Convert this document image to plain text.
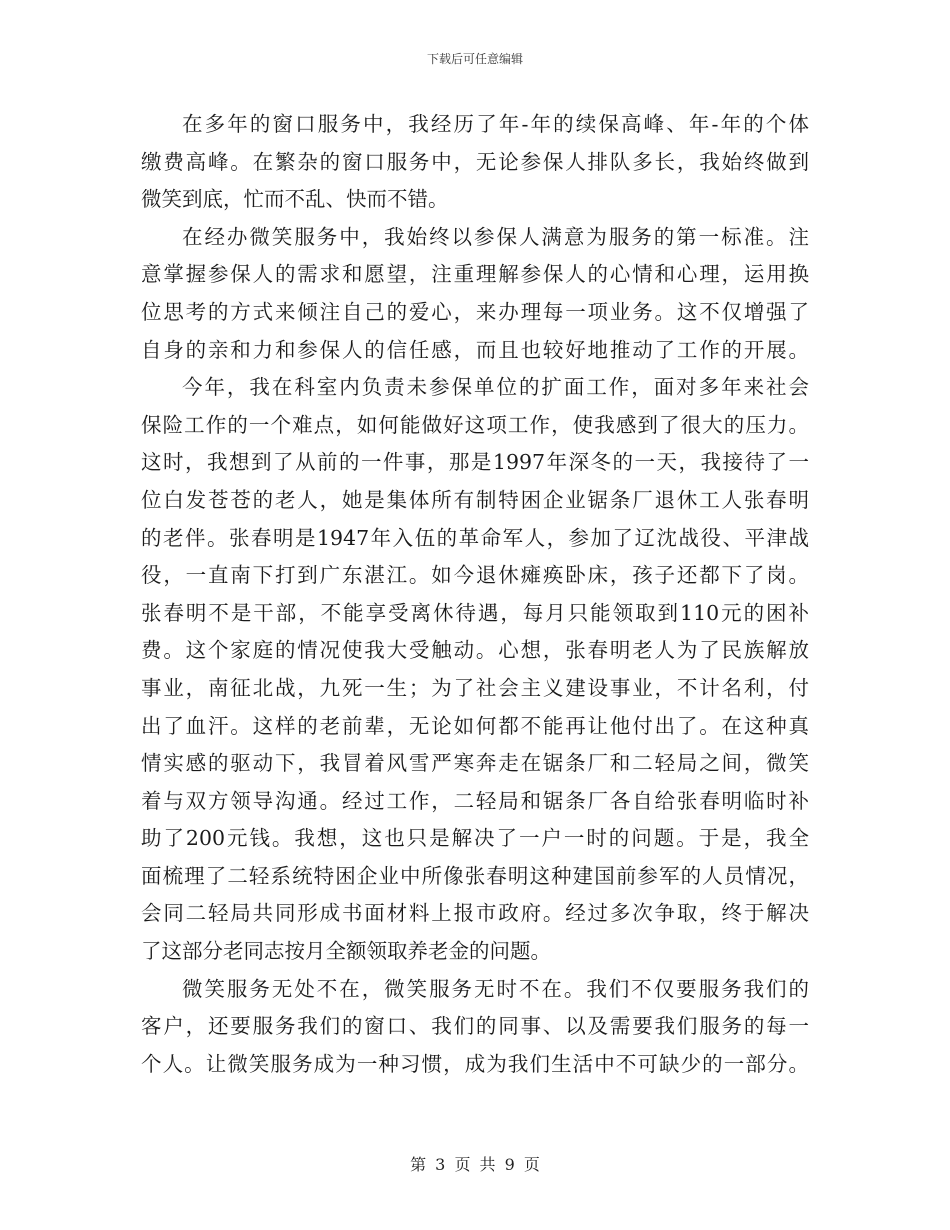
下载后可任意编辑
在多年的窗口服务中，我经历了年-年的续保高峰、年-年的个体
缴费高峰。在繁杂的窗口服务中，无论参保人排队多长，我始终做到
微笑到底，忙而不乱、快而不错。
在经办微笑服务中，我始终以参保人满意为服务的第一标准。注
意掌握参保人的需求和愿望，注重理解参保人的心情和心理，运用换
位思考的方式来倾注自己的爱心，来办理每一项业务。这不仅增强了
自身的亲和力和参保人的信任感，而且也较好地推动了工作的开展。
今年，我在科室内负责未参保单位的扩面工作，面对多年来社会
保险工作的一个难点，如何能做好这项工作，使我感到了很大的压力。
这时，我想到了从前的一件事，那是1997年深冬的一天，我接待了一
位白发苍苍的老人，她是集体所有制特困企业锯条厂退休工人张春明
的老伴。张春明是1947年入伍的革命军人，参加了辽沈战役、平津战
役，一直南下打到广东湛江。如今退休瘫痪卧床，孩子还都下了岗。
张春明不是干部，不能享受离休待遇，每月只能领取到110元的困补
费。这个家庭的情况使我大受触动。心想，张春明老人为了民族解放
事业，南征北战，九死一生；为了社会主义建设事业，不计名利，付
出了血汗。这样的老前辈，无论如何都不能再让他付出了。在这种真
情实感的驱动下，我冒着风雪严寒奔走在锯条厂和二轻局之间，微笑
着与双方领导沟通。经过工作，二轻局和锯条厂各自给张春明临时补
助了200元钱。我想，这也只是解决了一户一时的问题。于是，我全
面梳理了二轻系统特困企业中所像张春明这种建国前参军的人员情况，
会同二轻局共同形成书面材料上报市政府。经过多次争取，终于解决
了这部分老同志按月全额领取养老金的问题。
微笑服务无处不在，微笑服务无时不在。我们不仅要服务我们的
客户，还要服务我们的窗口、我们的同事、以及需要我们服务的每一
个人。让微笑服务成为一种习惯，成为我们生活中不可缺少的一部分。
第 3 页 共 9 页
